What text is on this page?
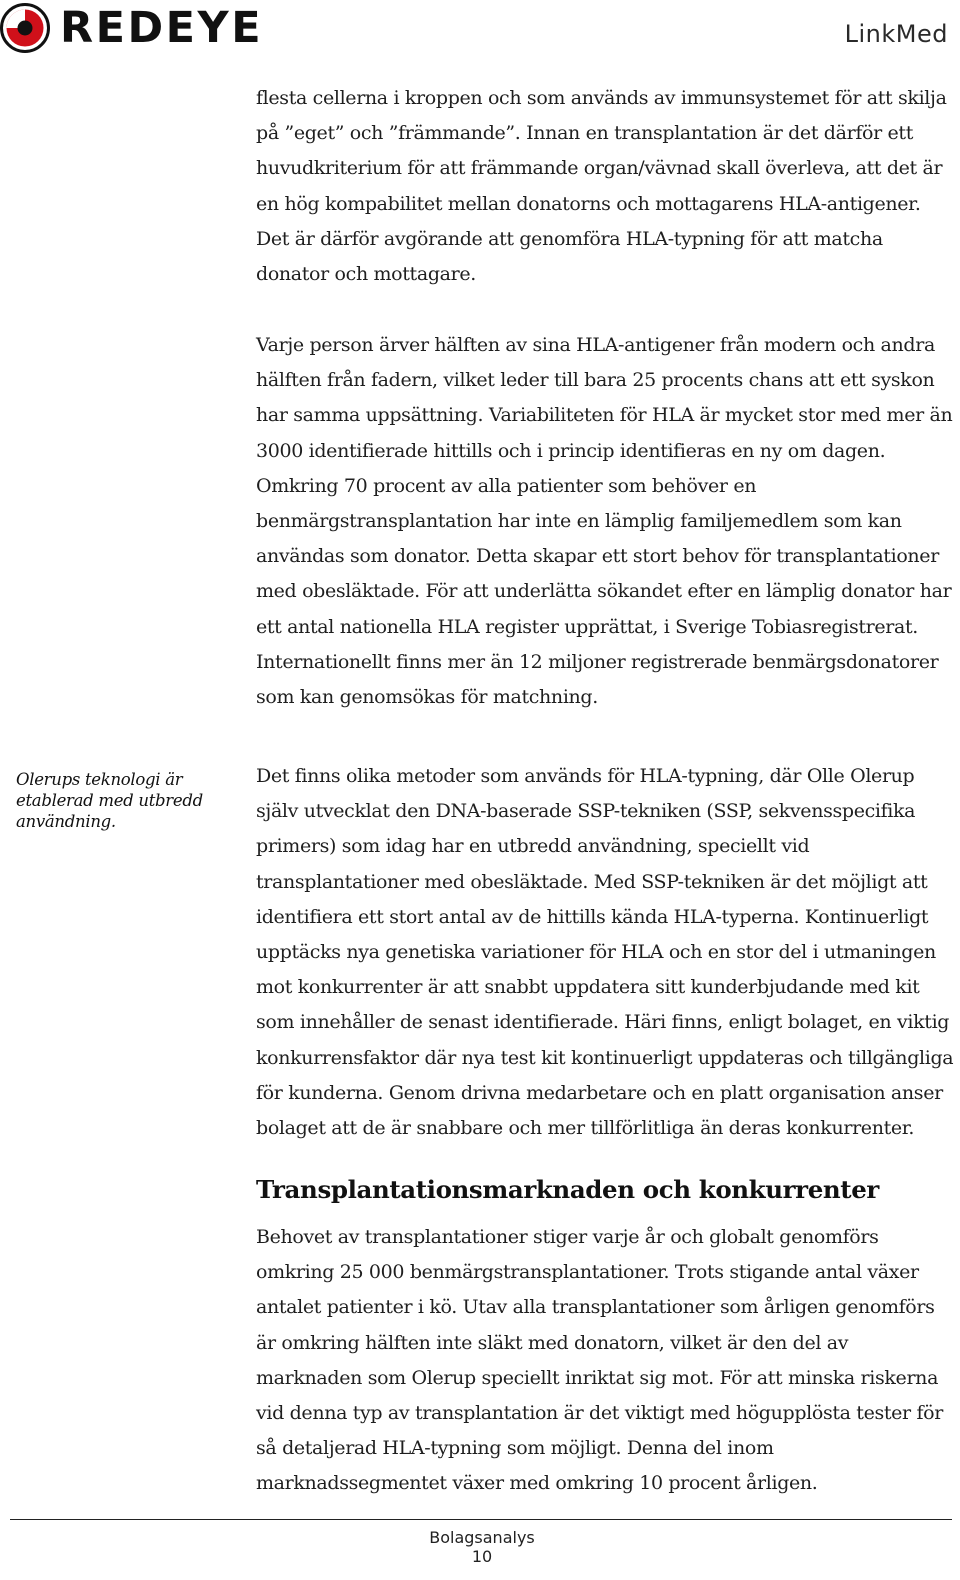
REDEYE	LinkMed

flesta cellerna i kroppen och som används av immunsystemet för att skilja på ”eget” och ”främmande”. Innan en transplantation är det därför ett huvudkriterium för att främmande organ/vävnad skall överleva, att det är en hög kompabilitet mellan donatorns och mottagarens HLA-antigener. Det är därför avgörande att genomföra HLA-typning för att matcha donator och mottagare.

Varje person ärver hälften av sina HLA-antigener från modern och andra hälften från fadern, vilket leder till bara 25 procents chans att ett syskon har samma uppsättning. Variabiliteten för HLA är mycket stor med mer än 3000 identifierade hittills och i princip identifieras en ny om dagen. Omkring 70 procent av alla patienter som behöver en benmärgstransplantation har inte en lämplig familjemedlem som kan användas som donator. Detta skapar ett stort behov för transplantationer med obesläktade. För att underlätta sökandet efter en lämplig donator har ett antal nationella HLA register upprättat, i Sverige Tobiasregistrerat. Internationellt finns mer än 12 miljoner registrerade benmärgsdonatorer som kan genomsökas för matchning.

Olerups teknologi är etablerad med utbredd användning.

Det finns olika metoder som används för HLA-typning, där Olle Olerup själv utvecklat den DNA-baserade SSP-tekniken (SSP, sekvensspecifika primers) som idag har en utbredd användning, speciellt vid transplantationer med obesläktade. Med SSP-tekniken är det möjligt att identifiera ett stort antal av de hittills kända HLA-typerna. Kontinuerligt upptäcks nya genetiska variationer för HLA och en stor del i utmaningen mot konkurrenter är att snabbt uppdatera sitt kunderbjudande med kit som innehåller de senast identifierade. Häri finns, enligt bolaget, en viktig konkurrensfaktor där nya test kit kontinuerligt uppdateras och tillgängliga för kunderna. Genom drivna medarbetare och en platt organisation anser bolaget att de är snabbare och mer tillförlitliga än deras konkurrenter.

Transplantationsmarknaden och konkurrenter

Behovet av transplantationer stiger varje år och globalt genomförs omkring 25 000 benmärgstransplantationer. Trots stigande antal växer antalet patienter i kö. Utav alla transplantationer som årligen genomförs är omkring hälften inte släkt med donatorn, vilket är den del av marknaden som Olerup speciellt inriktat sig mot. För att minska riskerna vid denna typ av transplantation är det viktigt med högupplösta tester för så detaljerad HLA-typning som möjligt. Denna del inom marknadssegmentet växer med omkring 10 procent årligen.

Bolagsanalys
10
